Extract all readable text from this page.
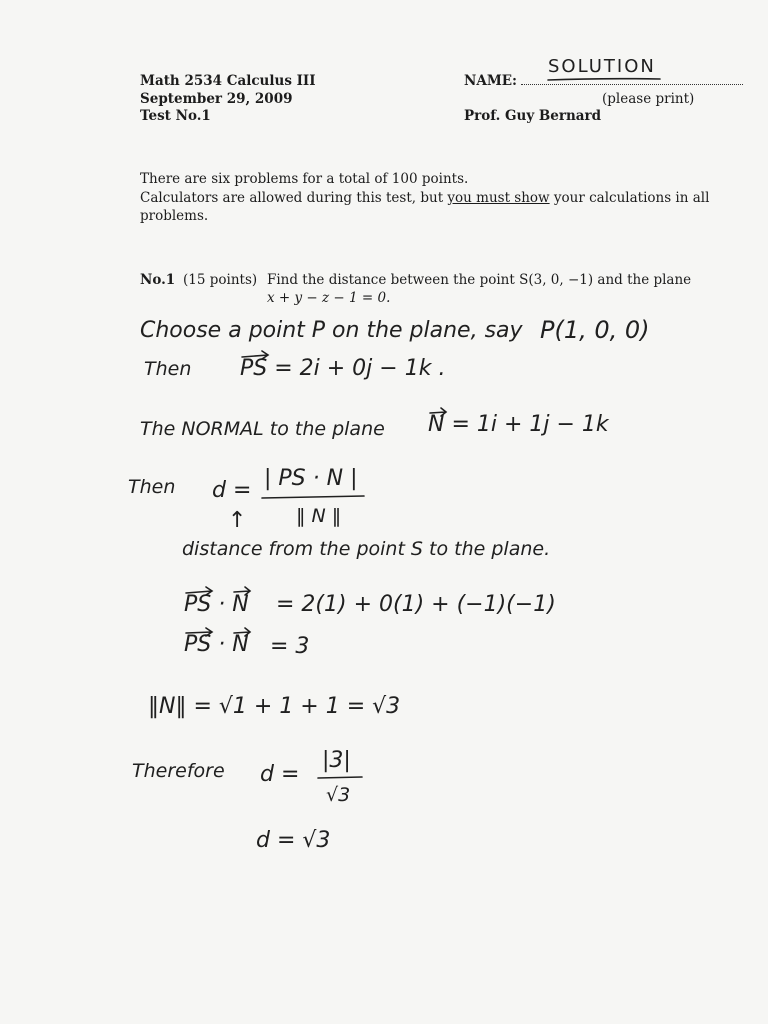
Math 2534 Calculus III
September 29, 2009
Test No.1
NAME:
SOLUTION
(please print)
Prof. Guy Bernard
There are six problems for a total of 100 points.
Calculators are allowed during this test, but you must show your calculations in all
problems.
No.1 (15 points) Find the distance between the point S(3, 0, −1) and the plane
x + y − z − 1 = 0.
Choose a point P on the plane, say P(1, 0, 0)
Then PS = 2i + 0j − 1k .
The NORMAL to the plane N = 1i + 1j − 1k
Then d = | PS · N |
‖ N ‖
↑
distance from the point S to the plane.
PS · N = 2(1) + 0(1) + (−1)(−1)
PS · N = 3
‖N‖ = √1 + 1 + 1 = √3
Therefore d =
|3|
√3
d = √3
